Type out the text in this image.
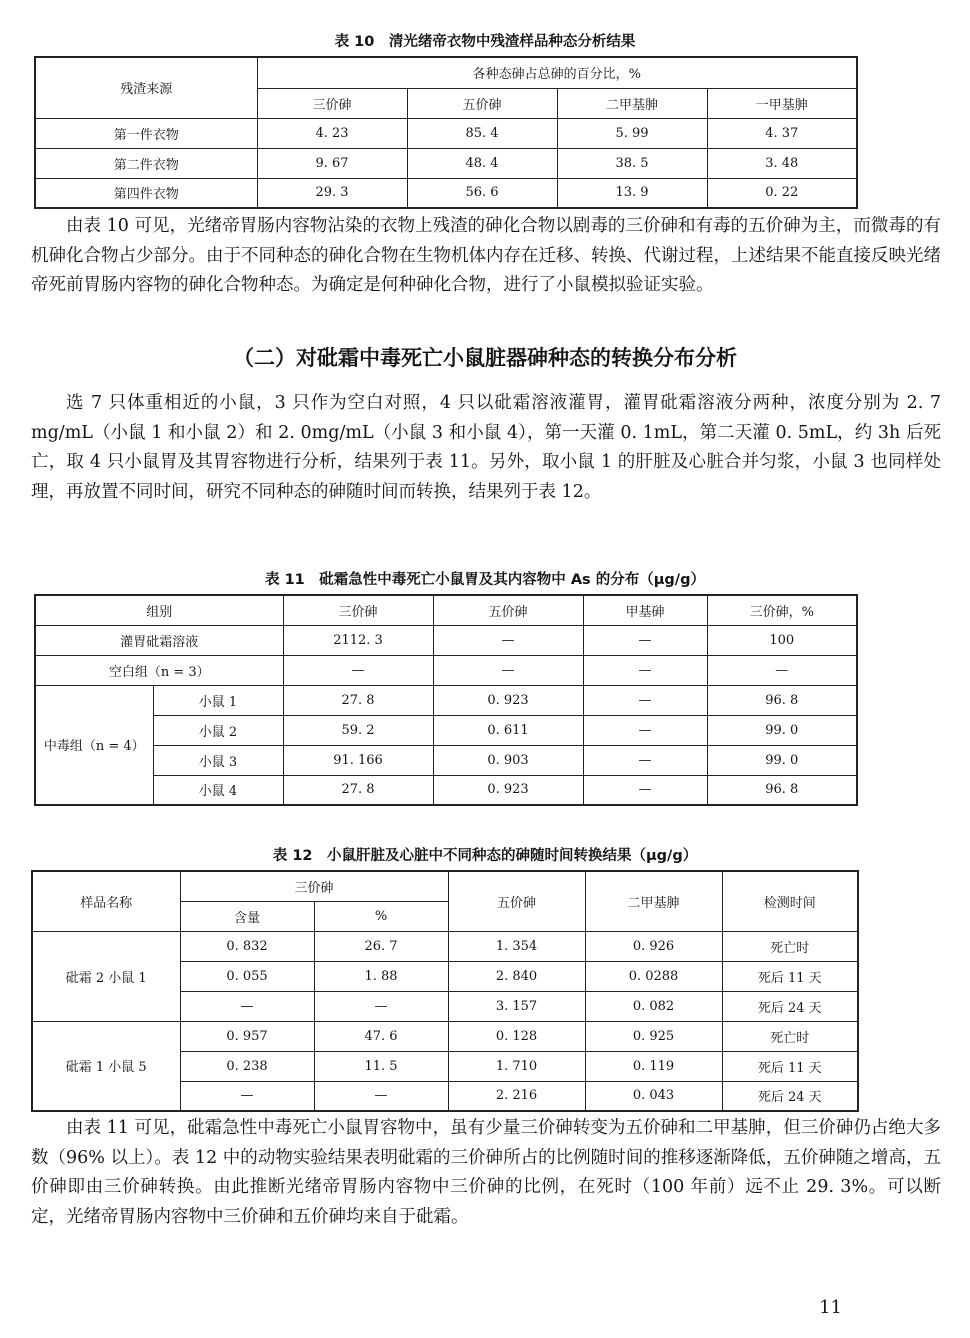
表 10　清光绪帝衣物中残渣样品种态分析结果
残渣来源	各种态砷占总砷的百分比，%			
	三价砷	五价砷	二甲基胂	一甲基胂
第一件衣物	4. 23	85. 4	5. 99	4. 37
第二件衣物	9. 67	48. 4	38. 5	3. 48
第四件衣物	29. 3	56. 6	13. 9	0. 22
由表 10 可见，光绪帝胃肠内容物沾染的衣物上残渣的砷化合物以剧毒的三价砷和有毒的五价砷为主，而微毒的有机砷化合物占少部分。由于不同种态的砷化合物在生物机体内存在迁移、转换、代谢过程，上述结果不能直接反映光绪帝死前胃肠内容物的砷化合物种态。为确定是何种砷化合物，进行了小鼠模拟验证实验。
（二）对砒霜中毒死亡小鼠脏器砷种态的转换分布分析
选 7 只体重相近的小鼠，3 只作为空白对照，4 只以砒霜溶液灌胃，灌胃砒霜溶液分两种，浓度分别为 2. 7 mg/mL（小鼠 1 和小鼠 2）和 2. 0mg/mL（小鼠 3 和小鼠 4），第一天灌 0. 1mL，第二天灌 0. 5mL，约 3h 后死亡，取 4 只小鼠胃及其胃容物进行分析，结果列于表 11。另外，取小鼠 1 的肝脏及心脏合并匀浆，小鼠 3 也同样处理，再放置不同时间，研究不同种态的砷随时间而转换，结果列于表 12。
表 11　砒霜急性中毒死亡小鼠胃及其内容物中 As 的分布（μg/g）
组别		三价砷	五价砷	甲基砷	三价砷，%
灌胃砒霜溶液		2112. 3	—	—	100
空白组（n = 3）		—	—	—	—
中毒组（n = 4）	小鼠 1	27. 8	0. 923	—	96. 8
	小鼠 2	59. 2	0. 611	—	99. 0
	小鼠 3	91. 166	0. 903	—	99. 0
	小鼠 4	27. 8	0. 923	—	96. 8
表 12　小鼠肝脏及心脏中不同种态的砷随时间转换结果（μg/g）
样品名称	三价砷		五价砷	二甲基胂	检测时间
	含量	%			
砒霜 2 小鼠 1	0. 832	26. 7	1. 354	0. 926	死亡时
	0. 055	1. 88	2. 840	0. 0288	死后 11 天
	—	—	3. 157	0. 082	死后 24 天
砒霜 1 小鼠 5	0. 957	47. 6	0. 128	0. 925	死亡时
	0. 238	11. 5	1. 710	0. 119	死后 11 天
	—	—	2. 216	0. 043	死后 24 天
由表 11 可见，砒霜急性中毒死亡小鼠胃容物中，虽有少量三价砷转变为五价砷和二甲基胂，但三价砷仍占绝大多数（96% 以上）。表 12 中的动物实验结果表明砒霜的三价砷所占的比例随时间的推移逐渐降低，五价砷随之增高，五价砷即由三价砷转换。由此推断光绪帝胃肠内容物中三价砷的比例，在死时（100 年前）远不止 29. 3%。可以断定，光绪帝胃肠内容物中三价砷和五价砷均来自于砒霜。
11
